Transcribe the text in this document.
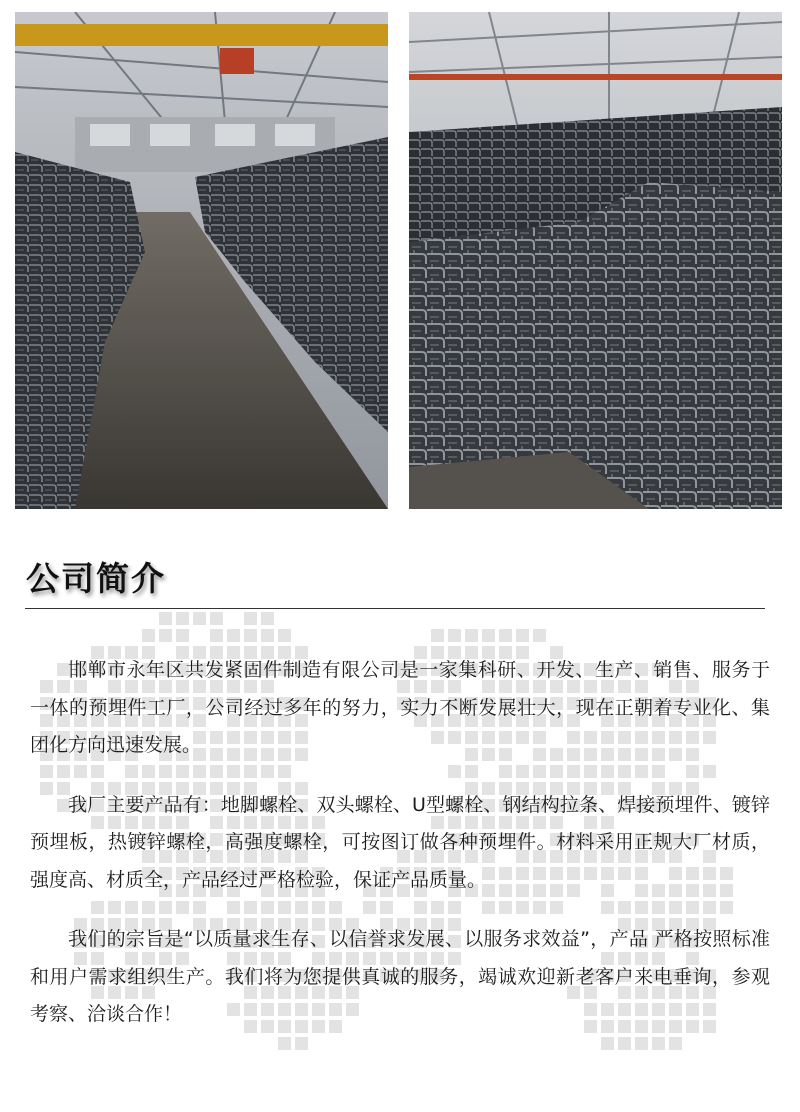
公司简介

邯郸市永年区共发紧固件制造有限公司是一家集科研、开发、生产、销售、服务于一体的预埋件工厂，公司经过多年的努力，实力不断发展壮大，现在正朝着专业化、集团化方向迅速发展。

我厂主要产品有：地脚螺栓、双头螺栓、U型螺栓、钢结构拉条、焊接预埋件、镀锌预埋板，热镀锌螺栓，高强度螺栓，可按图订做各种预埋件。材料采用正规大厂材质，强度高、材质全，产品经过严格检验，保证产品质量。

我们的宗旨是“以质量求生存、以信誉求发展、以服务求效益”，产品 严格按照标准和用户需求组织生产。我们将为您提供真诚的服务，竭诚欢迎新老客户来电垂询，参观考察、洽谈合作！
